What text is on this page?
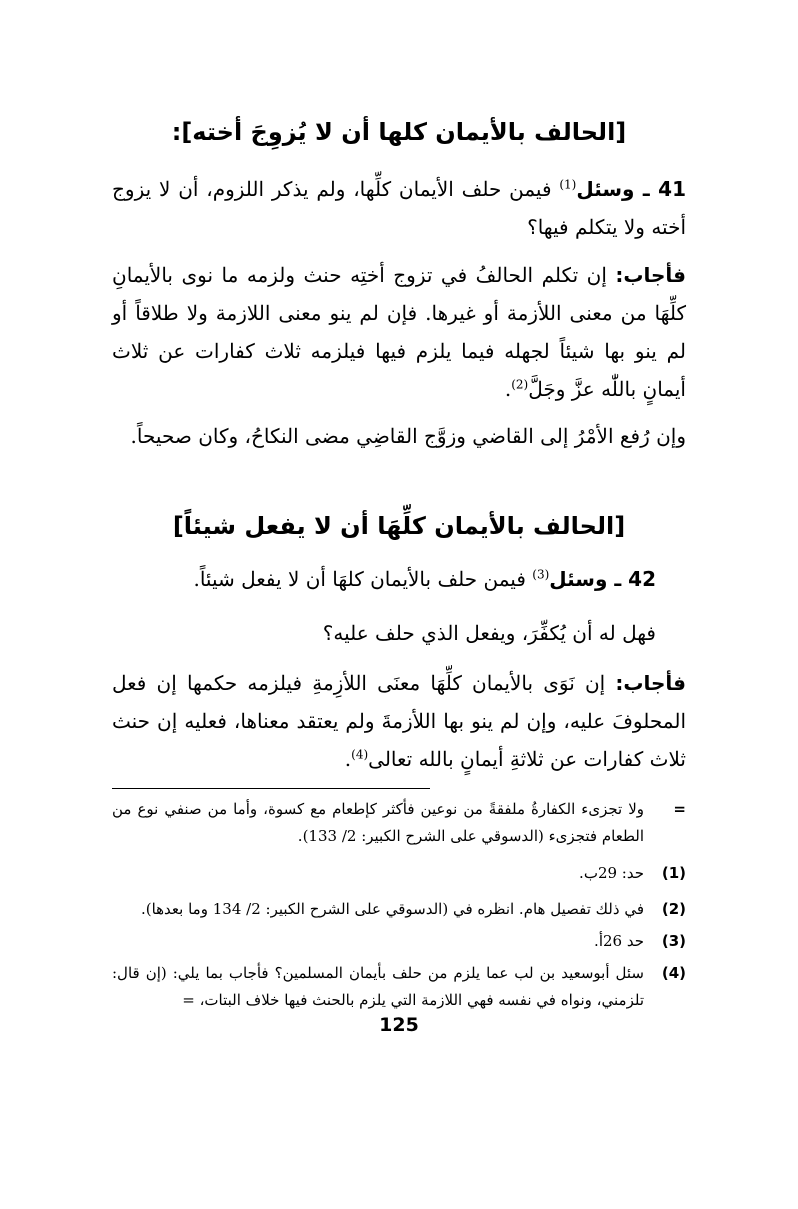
[الحالف بالأيمان كلها أن لا يُزوِجَ أخته]:
41 ـ وسئل$^{(1)}$ فيمن حلف الأيمان كلِّها، ولم يذكر اللزوم، أن لا يزوج أخته ولا يتكلم فيها؟
فأجاب: إن تكلم الحالفُ في تزوج أختِه حنث ولزمه ما نوى بالأيمانِ كلِّهَا من معنى اللأزمة أو غيرها. فإن لم ينو معنى اللازمة ولا طلاقاً أو لم ينو بها شيئاً لجهله فيما يلزم فيها فيلزمه ثلاث كفارات عن ثلاث أيمانٍ باللّٰه عزَّ وجَلَّ$^{(2)}$.
وإن رُفع الأمْرُ إلى القاضي وزوَّج القاضِي مضى النكاحُ، وكان صحيحاً.
[الحالف بالأيمان كلِّهَا أن لا يفعل شيئاً]
42 ـ وسئل$^{(3)}$ فيمن حلف بالأيمان كلهَا أن لا يفعل شيئاً.
فهل له أن يُكفِّرَ، ويفعل الذي حلف عليه؟
فأجاب: إن نَوَى بالأيمان كلِّهَا معنَى اللأزِمةِ فيلزمه حكمها إن فعل المحلوفَ عليه، وإن لم ينو بها اللأزمةَ ولم يعتقد معناها، فعليه إن حنث ثلاث كفارات عن ثلاثةِ أيمانٍ بالله تعالى$^{(4)}$.
=
ولا تجزىء الكفارةُ ملفقةً من نوعين فأكثر كإطعام مع كسوة، وأما من صنفي نوع من الطعام فتجزىء (الدسوقي على الشرح الكبير: 2/ 133).
(1)
حد: 29ب.
(2)
في ذلك تفصيل هام. انظره في (الدسوقي على الشرح الكبير: 2/ 134 وما بعدها).
(3)
حد 26أ.
(4)
سئل أبوسعيد بن لب عما يلزم من حلف بأيمان المسلمين؟ فأجاب بما يلي: (إن قال: تلزمني، ونواه في نفسه فهي اللازمة التي يلزم بالحنث فيها خلاف البتات، =
125
